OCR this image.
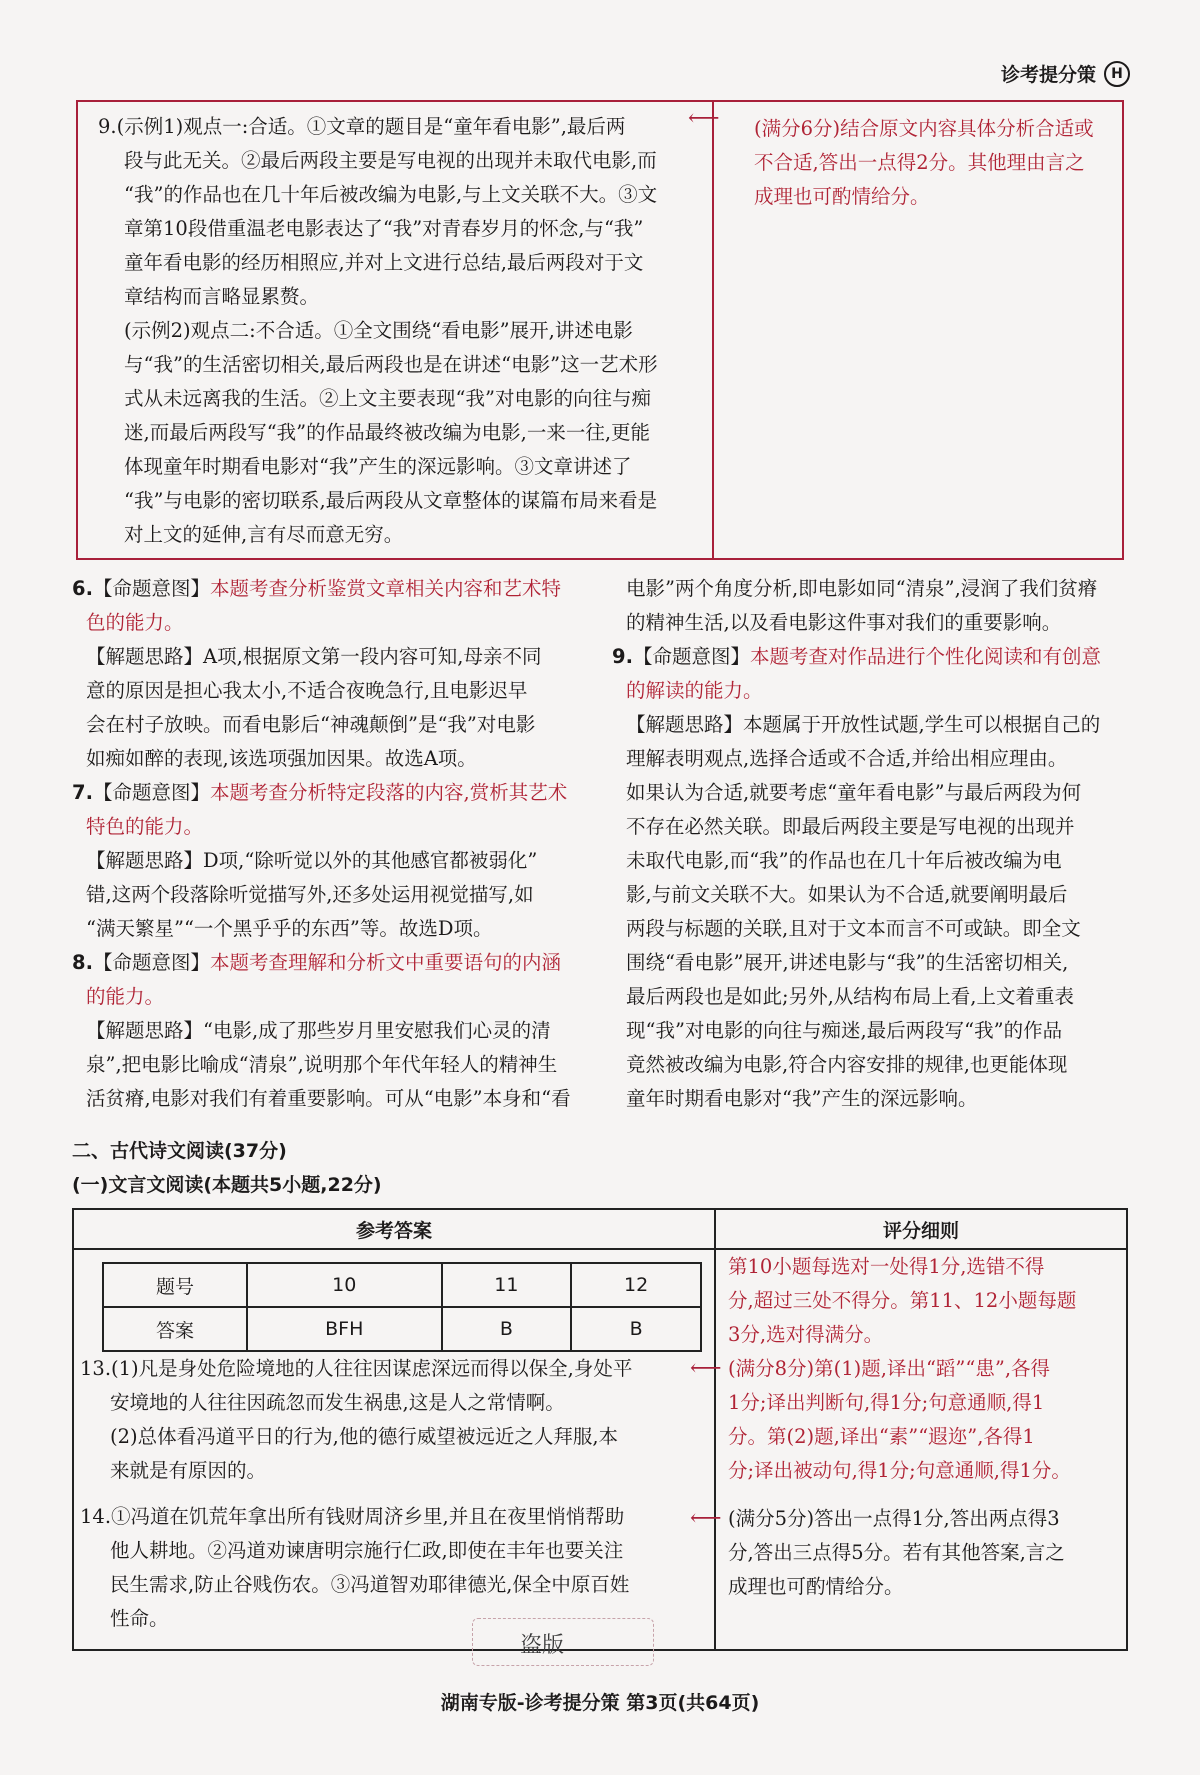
诊考提分策	H
9.(示例1)观点一:合适。①文章的题目是“童年看电影”,最后两
段与此无关。②最后两段主要是写电视的出现并未取代电影,而
“我”的作品也在几十年后被改编为电影,与上文关联不大。③文
章第10段借重温老电影表达了“我”对青春岁月的怀念,与“我”
童年看电影的经历相照应,并对上文进行总结,最后两段对于文
章结构而言略显累赘。
(示例2)观点二:不合适。①全文围绕“看电影”展开,讲述电影
与“我”的生活密切相关,最后两段也是在讲述“电影”这一艺术形
式从未远离我的生活。②上文主要表现“我”对电影的向往与痴
迷,而最后两段写“我”的作品最终被改编为电影,一来一往,更能
体现童年时期看电影对“我”产生的深远影响。③文章讲述了
“我”与电影的密切联系,最后两段从文章整体的谋篇布局来看是
对上文的延伸,言有尽而意无穷。
(满分6分)结合原文内容具体分析合适或
不合适,答出一点得2分。其他理由言之
成理也可酌情给分。
⟵
6.【命题意图】本题考查分析鉴赏文章相关内容和艺术特
色的能力。
【解题思路】A项,根据原文第一段内容可知,母亲不同
意的原因是担心我太小,不适合夜晚急行,且电影迟早
会在村子放映。而看电影后“神魂颠倒”是“我”对电影
如痴如醉的表现,该选项强加因果。故选A项。
7.【命题意图】本题考查分析特定段落的内容,赏析其艺术
特色的能力。
【解题思路】D项,“除听觉以外的其他感官都被弱化”
错,这两个段落除听觉描写外,还多处运用视觉描写,如
“满天繁星”“一个黑乎乎的东西”等。故选D项。
8.【命题意图】本题考查理解和分析文中重要语句的内涵
的能力。
【解题思路】“电影,成了那些岁月里安慰我们心灵的清
泉”,把电影比喻成“清泉”,说明那个年代年轻人的精神生
活贫瘠,电影对我们有着重要影响。可从“电影”本身和“看
电影”两个角度分析,即电影如同“清泉”,浸润了我们贫瘠
的精神生活,以及看电影这件事对我们的重要影响。
9.【命题意图】本题考查对作品进行个性化阅读和有创意
的解读的能力。
【解题思路】本题属于开放性试题,学生可以根据自己的
理解表明观点,选择合适或不合适,并给出相应理由。
如果认为合适,就要考虑“童年看电影”与最后两段为何
不存在必然关联。即最后两段主要是写电视的出现并
未取代电影,而“我”的作品也在几十年后被改编为电
影,与前文关联不大。如果认为不合适,就要阐明最后
两段与标题的关联,且对于文本而言不可或缺。即全文
围绕“看电影”展开,讲述电影与“我”的生活密切相关,
最后两段也是如此;另外,从结构布局上看,上文着重表
现“我”对电影的向往与痴迷,最后两段写“我”的作品
竟然被改编为电影,符合内容安排的规律,也更能体现
童年时期看电影对“我”产生的深远影响。
二、古代诗文阅读(37分)
(一)文言文阅读(本题共5小题,22分)
参考答案	评分细则
题号	10	11	12
答案	BFH	B	B
第10小题每选对一处得1分,选错不得
分,超过三处不得分。第11、12小题每题
3分,选对得满分。
13.(1)凡是身处危险境地的人往往因谋虑深远而得以保全,身处平
安境地的人往往因疏忽而发生祸患,这是人之常情啊。
(2)总体看冯道平日的行为,他的德行威望被远近之人拜服,本
来就是有原因的。
(满分8分)第(1)题,译出“蹈”“患”,各得
1分;译出判断句,得1分;句意通顺,得1
分。第(2)题,译出“素”“遐迩”,各得1
分;译出被动句,得1分;句意通顺,得1分。
⟵
14.①冯道在饥荒年拿出所有钱财周济乡里,并且在夜里悄悄帮助
他人耕地。②冯道劝谏唐明宗施行仁政,即使在丰年也要关注
民生需求,防止谷贱伤农。③冯道智劝耶律德光,保全中原百姓
性命。
(满分5分)答出一点得1分,答出两点得3
分,答出三点得5分。若有其他答案,言之
成理也可酌情给分。
⟵
盗版
湖南专版-诊考提分策 第3页(共64页)
